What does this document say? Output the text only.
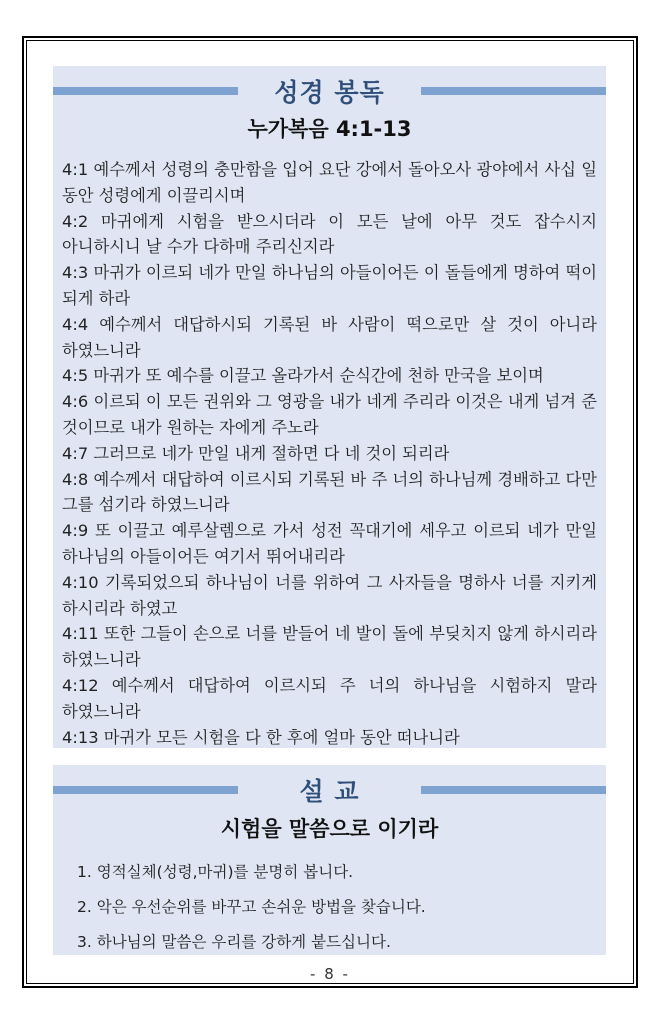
성경 봉독
누가복음 4:1-13
4:1 예수께서 성령의 충만함을 입어 요단 강에서 돌아오사 광야에서 사십 일 동안 성령에게 이끌리시며
4:2 마귀에게 시험을 받으시더라 이 모든 날에 아무 것도 잡수시지 아니하시니 날 수가 다하매 주리신지라
4:3 마귀가 이르되 네가 만일 하나님의 아들이어든 이 돌들에게 명하여 떡이 되게 하라
4:4 예수께서 대답하시되 기록된 바 사람이 떡으로만 살 것이 아니라 하였느니라
4:5 마귀가 또 예수를 이끌고 올라가서 순식간에 천하 만국을 보이며
4:6 이르되 이 모든 권위와 그 영광을 내가 네게 주리라 이것은 내게 넘겨 준 것이므로 내가 원하는 자에게 주노라
4:7 그러므로 네가 만일 내게 절하면 다 네 것이 되리라
4:8 예수께서 대답하여 이르시되 기록된 바 주 너의 하나님께 경배하고 다만 그를 섬기라 하였느니라
4:9 또 이끌고 예루살렘으로 가서 성전 꼭대기에 세우고 이르되 네가 만일 하나님의 아들이어든 여기서 뛰어내리라
4:10 기록되었으되 하나님이 너를 위하여 그 사자들을 명하사 너를 지키게 하시리라 하였고
4:11 또한 그들이 손으로 너를 받들어 네 발이 돌에 부딪치지 않게 하시리라 하였느니라
4:12 예수께서 대답하여 이르시되 주 너의 하나님을 시험하지 말라 하였느니라
4:13 마귀가 모든 시험을 다 한 후에 얼마 동안 떠나니라
설 교
시험을 말씀으로 이기라
1. 영적실체(성령,마귀)를 분명히 봅니다.
2. 악은 우선순위를 바꾸고 손쉬운 방법을 찾습니다.
3. 하나님의 말씀은 우리를 강하게 붙드십니다.
- 8 -
